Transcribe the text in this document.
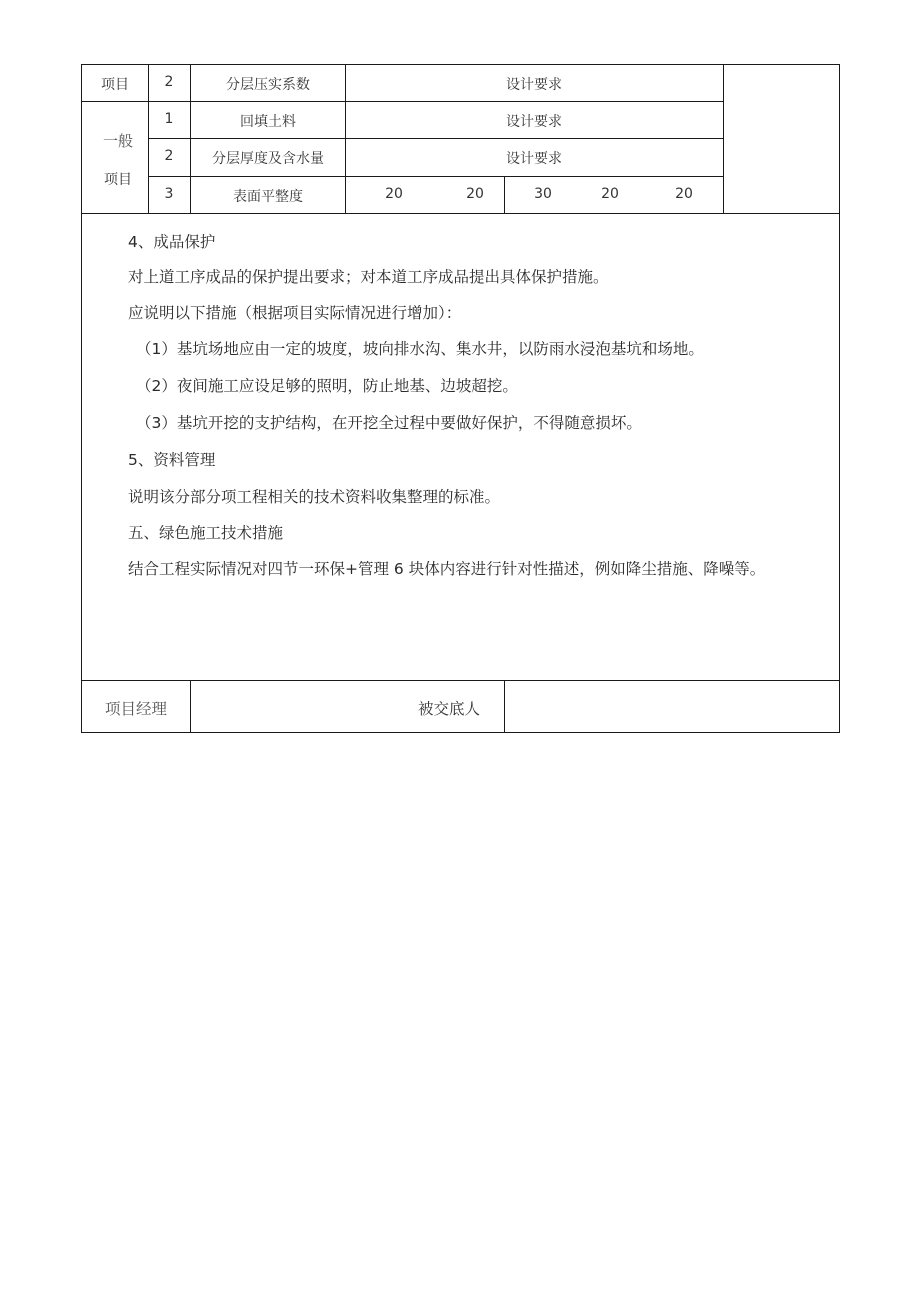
项目	2	分层压实系数	设计要求
一般
项目
1	回填土料	设计要求
2	分层厚度及含水量	设计要求
3	表面平整度	20	20	30	20	20
4、成品保护
对上道工序成品的保护提出要求；对本道工序成品提出具体保护措施。
应说明以下措施（根据项目实际情况进行增加）：
（1）基坑场地应由一定的坡度，坡向排水沟、集水井，以防雨水浸泡基坑和场地。
（2）夜间施工应设足够的照明，防止地基、边坡超挖。
（3）基坑开挖的支护结构，在开挖全过程中要做好保护，不得随意损坏。
5、资料管理
说明该分部分项工程相关的技术资料收集整理的标准。
五、绿色施工技术措施
结合工程实际情况对四节一环保+管理 6 块体内容进行针对性描述，例如降尘措施、降噪等。
项目经理	被交底人
